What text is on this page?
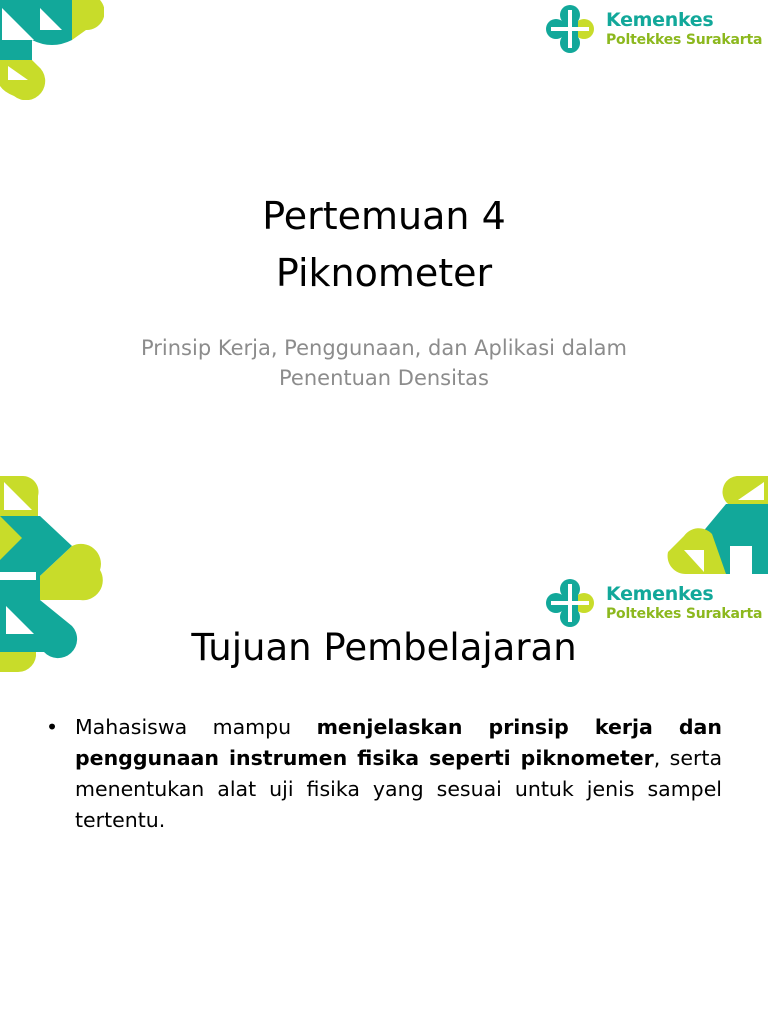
Kemenkes
Poltekkes Surakarta
Pertemuan 4
Piknometer
Prinsip Kerja, Penggunaan, dan Aplikasi dalam
Penentuan Densitas
Kemenkes
Poltekkes Surakarta
Tujuan Pembelajaran
• Mahasiswa mampu menjelaskan prinsip kerja dan penggunaan instrumen fisika seperti piknometer, serta menentukan alat uji fisika yang sesuai untuk jenis sampel tertentu.
